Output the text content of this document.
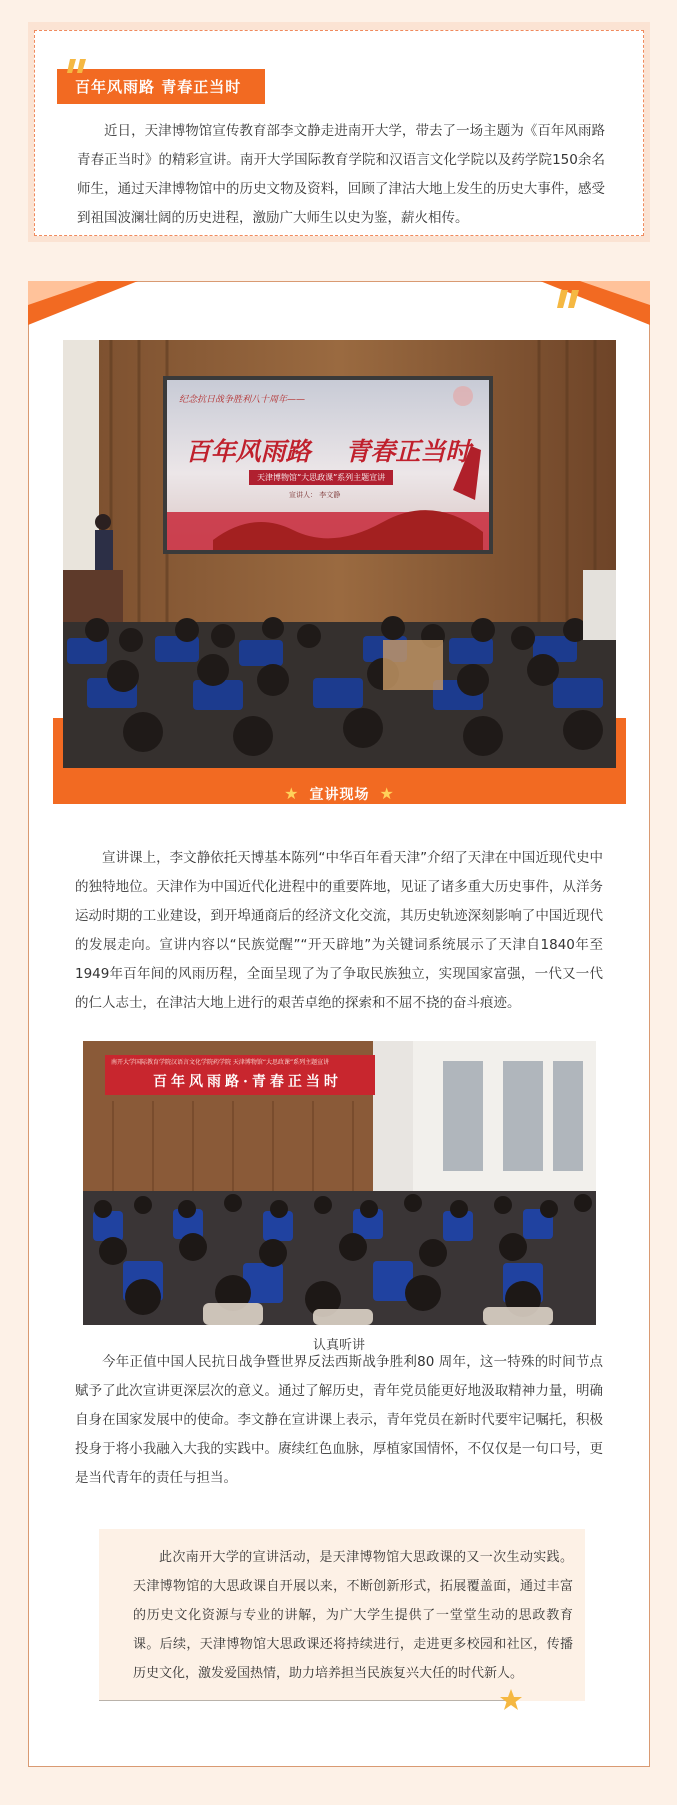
百年风雨路 青春正当时
近日，天津博物馆宣传教育部李文静走进南开大学，带去了一场主题为《百年风雨路 青春正当时》的精彩宣讲。南开大学国际教育学院和汉语言文化学院以及药学院150余名师生，通过天津博物馆中的历史文物及资料，回顾了津沽大地上发生的历史大事件，感受到祖国波澜壮阔的历史进程，激励广大师生以史为鉴，薪火相传。
纪念抗日战争胜利八十周年——
百年风雨路    青春正当时
天津博物馆“大思政课”系列主题宣讲
宣讲人： 李文静
★ 宣讲现场 ★
宣讲课上，李文静依托天博基本陈列“中华百年看天津”介绍了天津在中国近现代史中的独特地位。天津作为中国近代化进程中的重要阵地，见证了诸多重大历史事件，从洋务运动时期的工业建设，到开埠通商后的经济文化交流，其历史轨迹深刻影响了中国近现代的发展走向。宣讲内容以“民族觉醒”“开天辟地”为关键词系统展示了天津自1840年至1949年百年间的风雨历程，全面呈现了为了争取民族独立，实现国家富强，一代又一代的仁人志士，在津沽大地上进行的艰苦卓绝的探索和不屈不挠的奋斗痕迹。
南开大学国际教育学院汉语言文化学院药学院 天津博物馆“大思政课”系列主题宣讲
百年风雨路·青春正当时
认真听讲
今年正值中国人民抗日战争暨世界反法西斯战争胜利80 周年，这一特殊的时间节点赋予了此次宣讲更深层次的意义。通过了解历史，青年党员能更好地汲取精神力量，明确自身在国家发展中的使命。李文静在宣讲课上表示，青年党员在新时代要牢记嘱托，积极投身于将小我融入大我的实践中。赓续红色血脉，厚植家国情怀，不仅仅是一句口号，更是当代青年的责任与担当。
此次南开大学的宣讲活动，是天津博物馆大思政课的又一次生动实践。天津博物馆的大思政课自开展以来，不断创新形式，拓展覆盖面，通过丰富的历史文化资源与专业的讲解，为广大学生提供了一堂堂生动的思政教育课。后续，天津博物馆大思政课还将持续进行，走进更多校园和社区，传播历史文化，激发爱国热情，助力培养担当民族复兴大任的时代新人。
